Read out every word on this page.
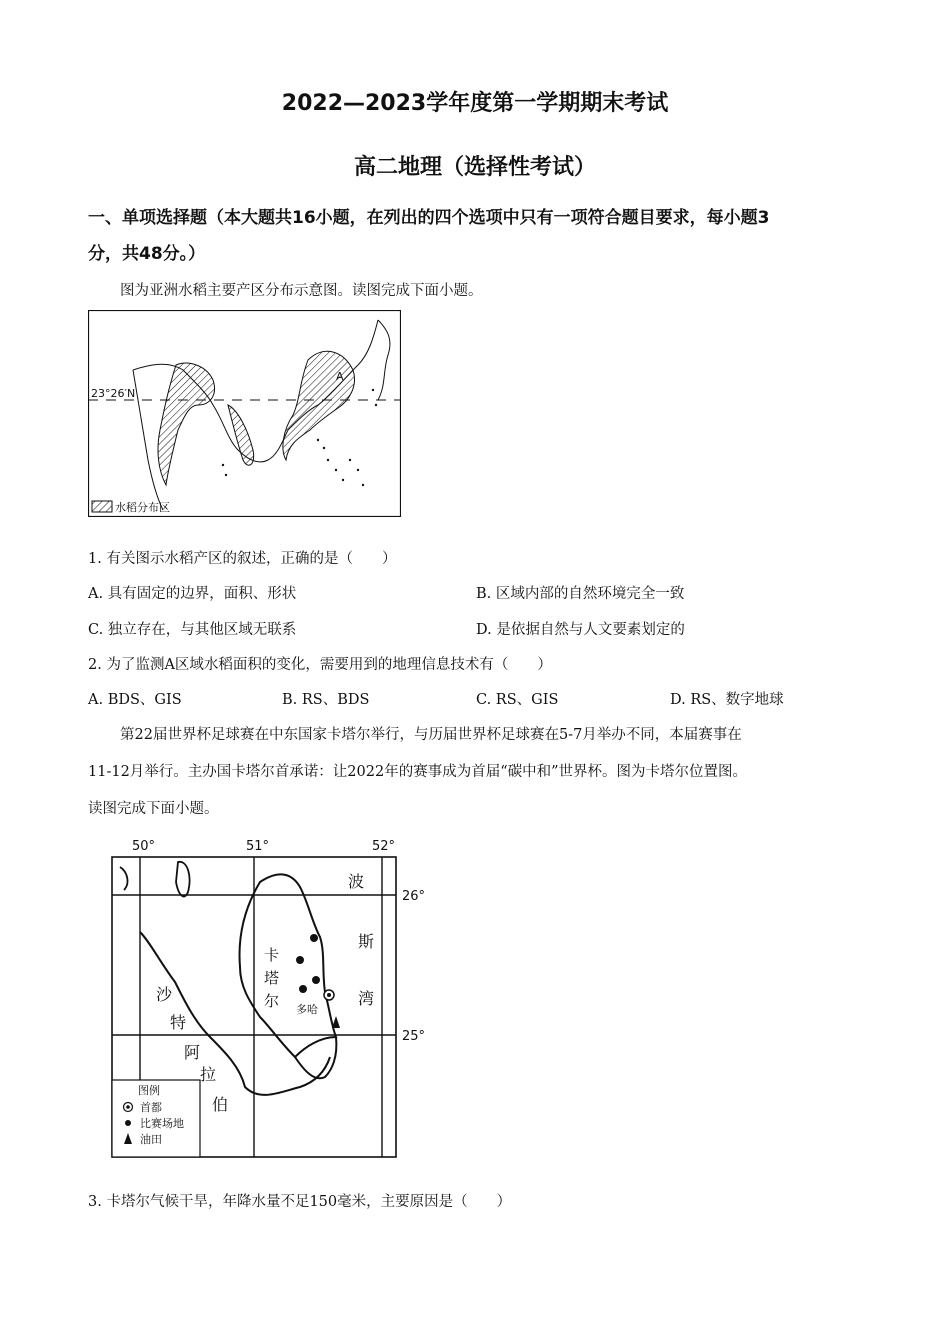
2022—2023学年度第一学期期末考试
高二地理（选择性考试）
一、单项选择题（本大题共16小题，在列出的四个选项中只有一项符合题目要求，每小题3
分，共48分。）
图为亚洲水稻主要产区分布示意图。读图完成下面小题。
A
23°26′N
水稻分布区
1. 有关图示水稻产区的叙述，正确的是（　　）
A. 具有固定的边界，面积、形状	B. 区域内部的自然环境完全一致
C. 独立存在，与其他区域无联系	D. 是依据自然与人文要素划定的
2. 为了监测A区域水稻面积的变化，需要用到的地理信息技术有（　　）
A. BDS、GIS	B. RS、BDS	C. RS、GIS	D. RS、数字地球
第22届世界杯足球赛在中东国家卡塔尔举行，与历届世界杯足球赛在5-7月举办不同，本届赛事在
11-12月举行。主办国卡塔尔首承诺：让2022年的赛事成为首届“碳中和”世界杯。图为卡塔尔位置图。
读图完成下面小题。
50°	51°	52°
26°
25°
多哈
波
斯
湾
卡
塔
尔
沙
特
阿
拉
伯
图例
首都
比赛场地
油田
3. 卡塔尔气候干旱，年降水量不足150毫米，主要原因是（　　）
